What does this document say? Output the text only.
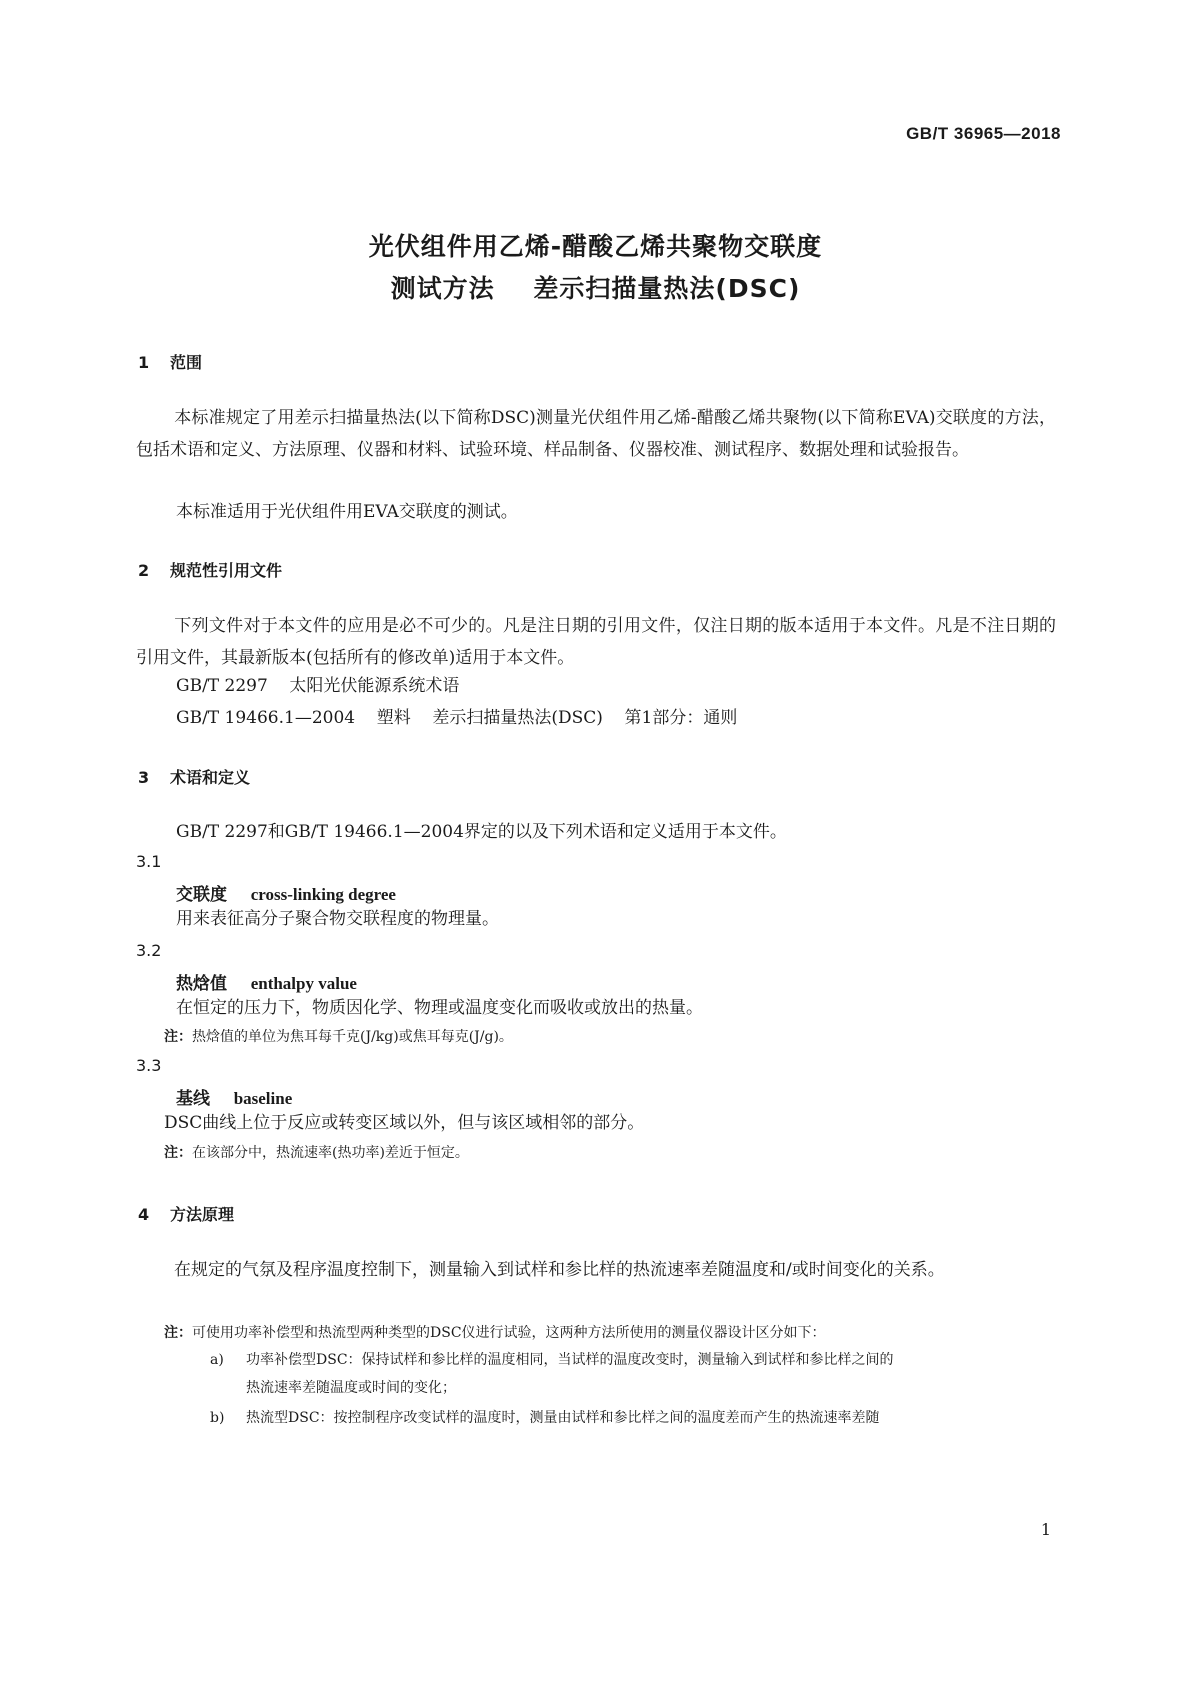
GB/T 36965—2018
光伏组件用乙烯-醋酸乙烯共聚物交联度
测试方法    差示扫描量热法(DSC)
1 范围
本标准规定了用差示扫描量热法(以下简称DSC)测量光伏组件用乙烯-醋酸乙烯共聚物(以下简称EVA)交联度的方法，包括术语和定义、方法原理、仪器和材料、试验环境、样品制备、仪器校准、测试程序、数据处理和试验报告。
本标准适用于光伏组件用EVA交联度的测试。
2 规范性引用文件
下列文件对于本文件的应用是必不可少的。凡是注日期的引用文件，仅注日期的版本适用于本文件。凡是不注日期的引用文件，其最新版本(包括所有的修改单)适用于本文件。
GB/T 2297    太阳光伏能源系统术语
GB/T 19466.1—2004    塑料    差示扫描量热法(DSC)    第1部分：通则
3 术语和定义
GB/T 2297和GB/T 19466.1—2004界定的以及下列术语和定义适用于本文件。
3.1
交联度 cross-linking degree
用来表征高分子聚合物交联程度的物理量。
3.2
热焓值 enthalpy value
在恒定的压力下，物质因化学、物理或温度变化而吸收或放出的热量。
注：热焓值的单位为焦耳每千克(J/kg)或焦耳每克(J/g)。
3.3
基线 baseline
DSC曲线上位于反应或转变区域以外，但与该区域相邻的部分。
注：在该部分中，热流速率(热功率)差近于恒定。
4 方法原理
在规定的气氛及程序温度控制下，测量输入到试样和参比样的热流速率差随温度和/或时间变化的关系。
注：可使用功率补偿型和热流型两种类型的DSC仪进行试验，这两种方法所使用的测量仪器设计区分如下：
a) 功率补偿型DSC：保持试样和参比样的温度相同，当试样的温度改变时，测量输入到试样和参比样之间的
热流速率差随温度或时间的变化；
b) 热流型DSC：按控制程序改变试样的温度时，测量由试样和参比样之间的温度差而产生的热流速率差随
1
